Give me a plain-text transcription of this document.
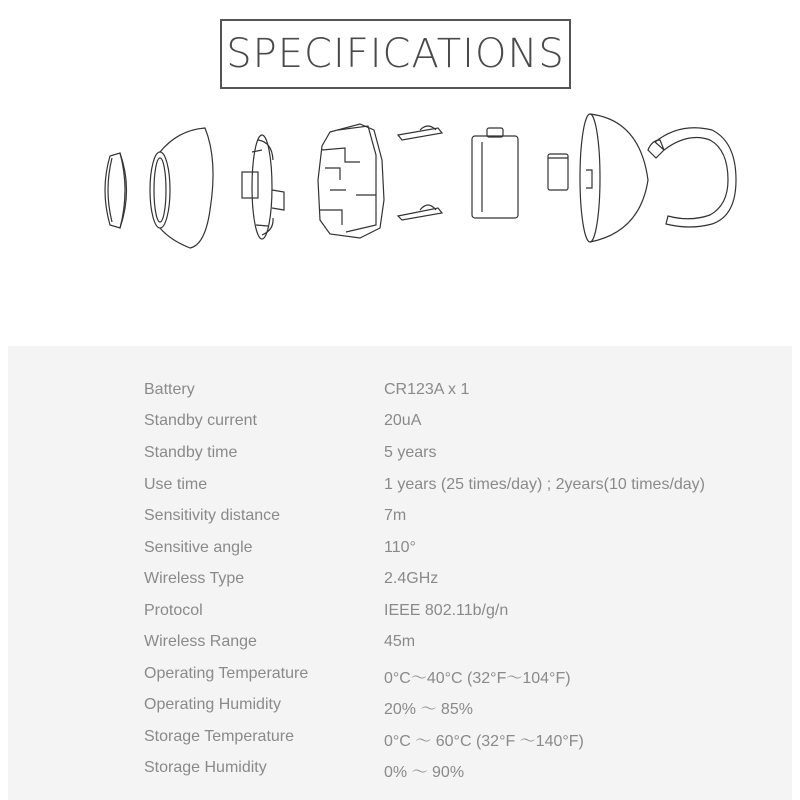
SPECIFICATIONS
Battery	CR123A x 1
Standby current	20uA
Standby time	5 years
Use time	1 years (25 times/day) ; 2years(10 times/day)
Sensitivity distance	7m
Sensitive angle	110°
Wireless Type	2.4GHz
Protocol	IEEE 802.11b/g/n
Wireless Range	45m
Operating Temperature	0°C～40°C (32°F～104°F)
Operating Humidity	20% ～ 85%
Storage Temperature	0°C ～ 60°C (32°F ～140°F)
Storage Humidity	0% ～ 90%
